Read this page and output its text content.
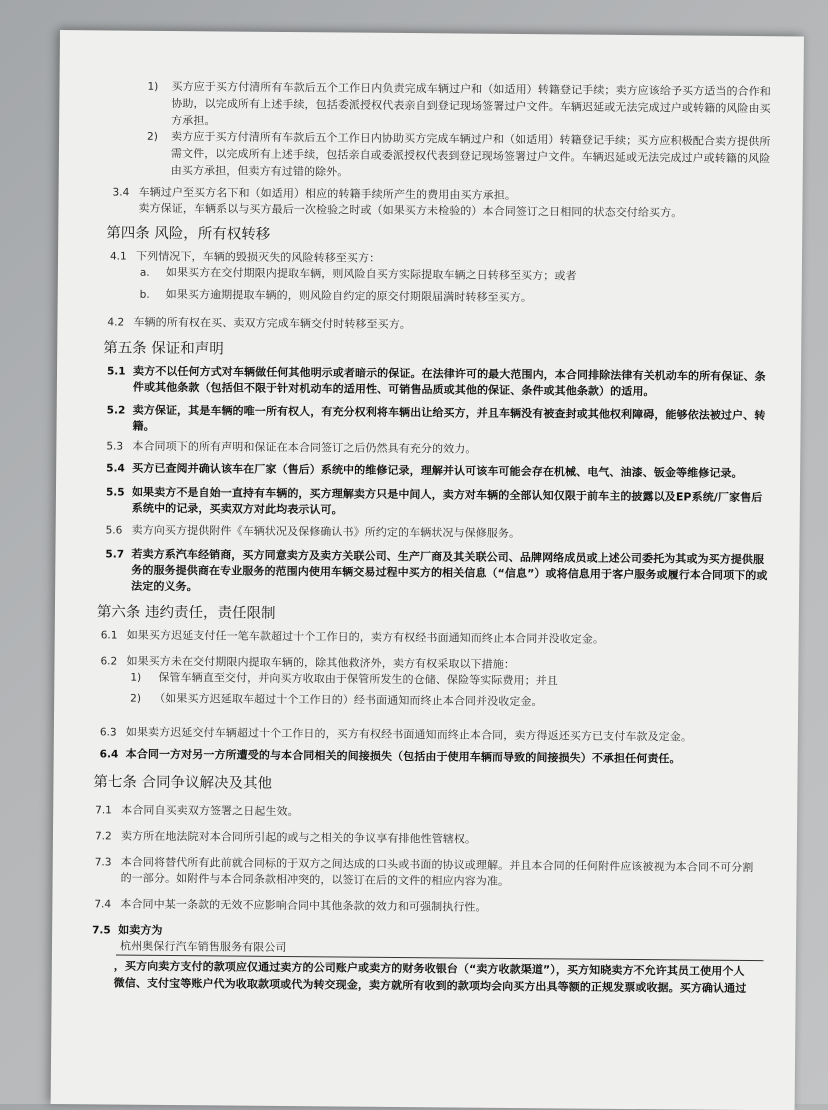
1) 买方应于买方付清所有车款后五个工作日内负责完成车辆过户和（如适用）转籍登记手续；卖方应该给予买方适当的合作和
协助，以完成所有上述手续，包括委派授权代表亲自到登记现场签署过户文件。车辆迟延或无法完成过户或转籍的风险由买
方承担。
2) 卖方应于买方付清所有车款后五个工作日内协助买方完成车辆过户和（如适用）转籍登记手续；买方应积极配合卖方提供所
需文件，以完成所有上述手续，包括亲自或委派授权代表到登记现场签署过户文件。车辆迟延或无法完成过户或转籍的风险
由买方承担，但卖方有过错的除外。
3.4 车辆过户至买方名下和（如适用）相应的转籍手续所产生的费用由买方承担。
卖方保证，车辆系以与买方最后一次检验之时或（如果买方未检验的）本合同签订之日相同的状态交付给买方。
第四条 风险，所有权转移
4.1 下列情况下，车辆的毁损灭失的风险转移至买方：
a. 如果买方在交付期限内提取车辆，则风险自买方实际提取车辆之日转移至买方；或者
b. 如果买方逾期提取车辆的，则风险自约定的原交付期限届满时转移至买方。
4.2 车辆的所有权在买、卖双方完成车辆交付时转移至买方。
第五条 保证和声明
5.1 卖方不以任何方式对车辆做任何其他明示或者暗示的保证。在法律许可的最大范围内，本合同排除法律有关机动车的所有保证、条
件或其他条款（包括但不限于针对机动车的适用性、可销售品质或其他的保证、条件或其他条款）的适用。
5.2 卖方保证，其是车辆的唯一所有权人，有充分权利将车辆出让给买方，并且车辆没有被查封或其他权利障碍，能够依法被过户、转
籍。
5.3 本合同项下的所有声明和保证在本合同签订之后仍然具有充分的效力。
5.4 买方已查阅并确认该车在厂家（售后）系统中的维修记录，理解并认可该车可能会存在机械、电气、油漆、钣金等维修记录。
5.5 如果卖方不是自始一直持有车辆的，买方理解卖方只是中间人，卖方对车辆的全部认知仅限于前车主的披露以及EP系统/厂家售后
系统中的记录，买卖双方对此均表示认可。
5.6 卖方向买方提供附件《车辆状况及保修确认书》所约定的车辆状况与保修服务。
5.7 若卖方系汽车经销商，买方同意卖方及卖方关联公司、生产厂商及其关联公司、品牌网络成员或上述公司委托为其或为买方提供服
务的服务提供商在专业服务的范围内使用车辆交易过程中买方的相关信息（“信息”）或将信息用于客户服务或履行本合同项下的或
法定的义务。
第六条 违约责任，责任限制
6.1 如果买方迟延支付任一笔车款超过十个工作日的，卖方有权经书面通知而终止本合同并没收定金。
6.2 如果买方未在交付期限内提取车辆的，除其他救济外，卖方有权采取以下措施：
1) 保管车辆直至交付，并向买方收取由于保管所发生的仓储、保险等实际费用；并且
2) （如果买方迟延取车超过十个工作日的）经书面通知而终止本合同并没收定金。
6.3 如果卖方迟延交付车辆超过十个工作日的，买方有权经书面通知而终止本合同，卖方得返还买方已支付车款及定金。
6.4 本合同一方对另一方所遭受的与本合同相关的间接损失（包括由于使用车辆而导致的间接损失）不承担任何责任。
第七条 合同争议解决及其他
7.1 本合同自买卖双方签署之日起生效。
7.2 卖方所在地法院对本合同所引起的或与之相关的争议享有排他性管辖权。
7.3 本合同将替代所有此前就合同标的于双方之间达成的口头或书面的协议或理解。并且本合同的任何附件应该被视为本合同不可分割
的一部分。如附件与本合同条款相冲突的，以签订在后的文件的相应内容为准。
7.4 本合同中某一条款的无效不应影响合同中其他条款的效力和可强制执行性。
7.5 如卖方为
杭州奥保行汽车销售服务有限公司
，买方向卖方支付的款项应仅通过卖方的公司账户或卖方的财务收银台（“卖方收款渠道”），买方知晓卖方不允许其员工使用个人
微信、支付宝等账户代为收取款项或代为转交现金，卖方就所有收到的款项均会向买方出具等额的正规发票或收据。买方确认通过
